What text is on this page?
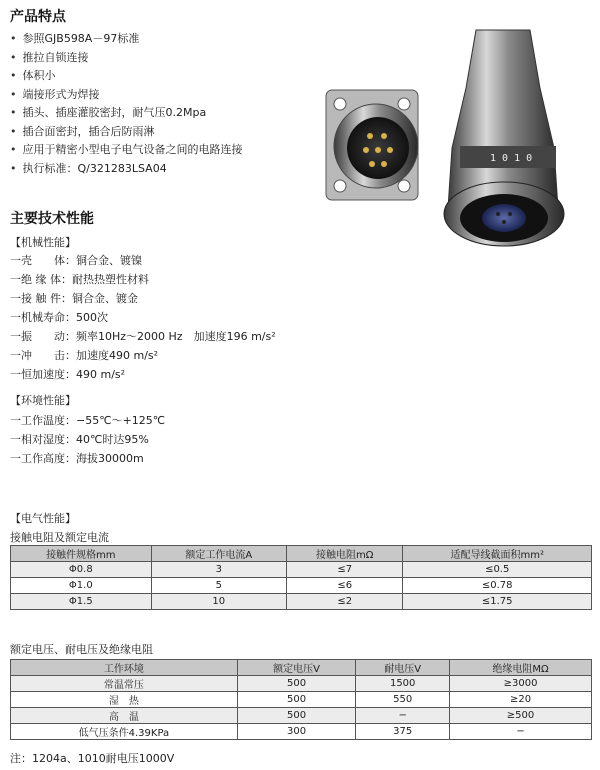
产品特点
• 参照GJB598A－97标准
• 推拉自锁连接
• 体积小
• 端接形式为焊接
• 插头、插座灌胶密封，耐气压0.2Mpa
• 插合面密封，插合后防雨淋
• 应用于精密小型电子电气设备之间的电路连接
• 执行标准：Q/321283LSA04
1 0 1 0
主要技术性能
【机械性能】
一壳　　体：铜合金、镀镍
一绝 缘 体：耐热热塑性材料
一接 触 件：铜合金、镀金
一机械寿命：500次
一振　　动：频率10Hz～2000 Hz　加速度196 m/s²
一冲　　击：加速度490 m/s²
一恒加速度：490 m/s²
【环境性能】
一工作温度：−55℃～+125℃
一相对湿度：40℃时达95%
一工作高度：海拔30000m
【电气性能】
接触电阻及额定电流
接触件规格mm	额定工作电流A	接触电阻mΩ	适配导线截面积mm²
Φ0.8	3	≤7	≤0.5
Φ1.0	5	≤6	≤0.78
Φ1.5	10	≤2	≤1.75
额定电压、耐电压及绝缘电阻
工作环境	额定电压V	耐电压V	绝缘电阻MΩ
常温常压	500	1500	≥3000
湿　热	500	550	≥20
高　温	500	−	≥500
低气压条件4.39KPa	300	375	−
注：1204a、1010耐电压1000V
